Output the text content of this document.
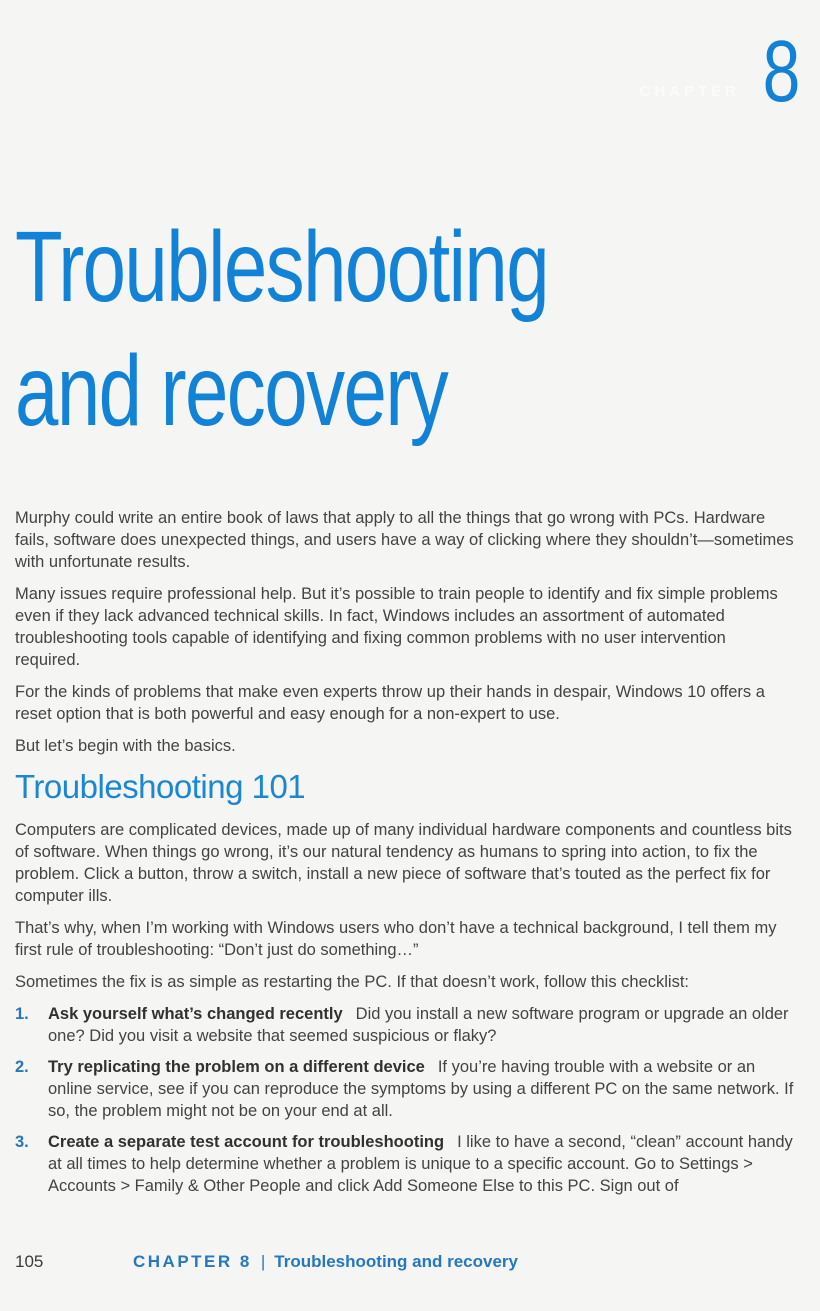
CHAPTER 8
Troubleshooting
and recovery

Murphy could write an entire book of laws that apply to all the things that go wrong with PCs. Hardware fails, software does unexpected things, and users have a way of clicking where they shouldn’t—sometimes with unfortunate results.

Many issues require professional help. But it’s possible to train people to identify and fix simple problems even if they lack advanced technical skills. In fact, Windows includes an assortment of automated troubleshooting tools capable of identifying and fixing common problems with no user intervention required.

For the kinds of problems that make even experts throw up their hands in despair, Windows 10 offers a reset option that is both powerful and easy enough for a non-expert to use.

But let’s begin with the basics.

Troubleshooting 101

Computers are complicated devices, made up of many individual hardware components and countless bits of software. When things go wrong, it’s our natural tendency as humans to spring into action, to fix the problem. Click a button, throw a switch, install a new piece of software that’s touted as the perfect fix for computer ills.

That’s why, when I’m working with Windows users who don’t have a technical background, I tell them my first rule of troubleshooting: “Don’t just do something…”

Sometimes the fix is as simple as restarting the PC. If that doesn’t work, follow this checklist:

1. Ask yourself what’s changed recently Did you install a new software program or upgrade an older one? Did you visit a website that seemed suspicious or flaky?
2. Try replicating the problem on a different device If you’re having trouble with a website or an online service, see if you can reproduce the symptoms by using a different PC on the same network. If so, the problem might not be on your end at all.
3. Create a separate test account for troubleshooting I like to have a second, “clean” account handy at all times to help determine whether a problem is unique to a specific account. Go to Settings > Accounts > Family & Other People and click Add Someone Else to this PC. Sign out of
105	CHAPTER 8 | Troubleshooting and recovery
